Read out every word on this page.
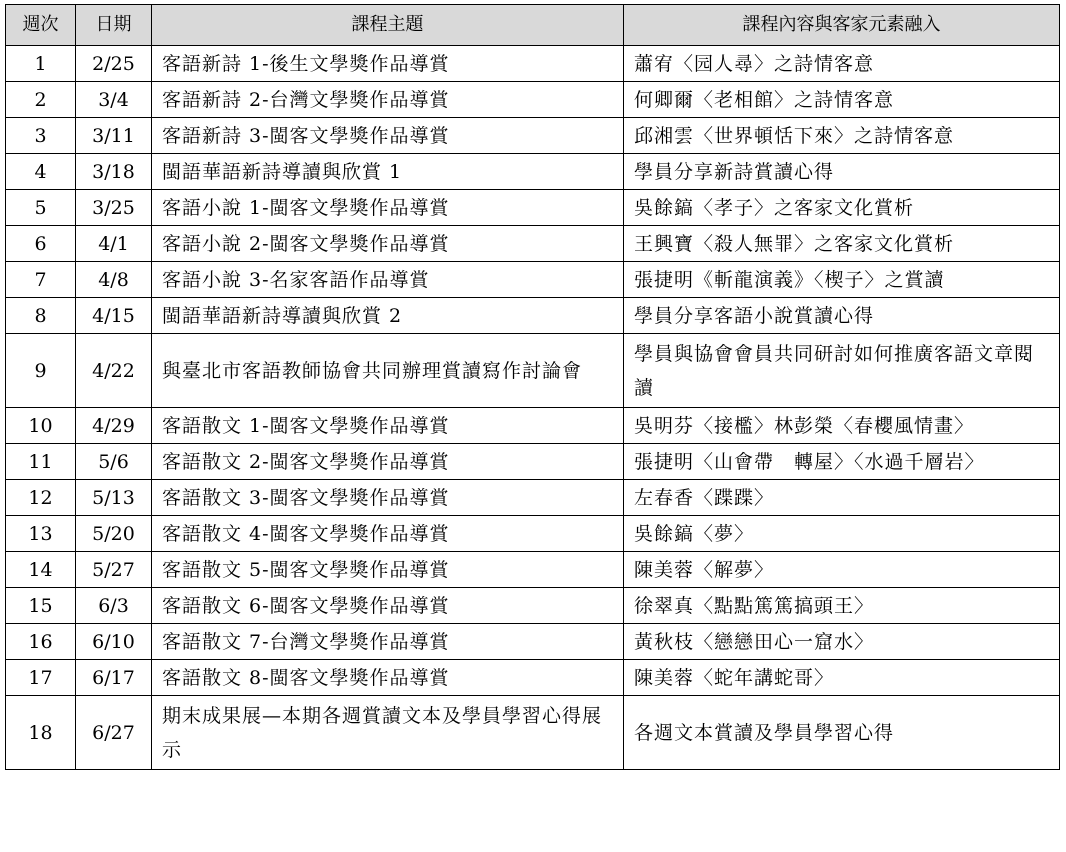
週次	日期	課程主題	課程內容與客家元素融入
1	2/25	客語新詩 1-後生文學獎作品導賞	蕭宥〈园人尋〉之詩情客意
2	3/4	客語新詩 2-台灣文學獎作品導賞	何卿爾〈老相館〉之詩情客意
3	3/11	客語新詩 3-閩客文學獎作品導賞	邱湘雲〈世界頓恬下來〉之詩情客意
4	3/18	閩語華語新詩導讀與欣賞 1	學員分享新詩賞讀心得
5	3/25	客語小說 1-閩客文學獎作品導賞	吳餘鎬〈孝子〉之客家文化賞析
6	4/1	客語小說 2-閩客文學獎作品導賞	王興寶〈殺人無罪〉之客家文化賞析
7	4/8	客語小說 3-名家客語作品導賞	張捷明《斬龍演義》〈楔子〉之賞讀
8	4/15	閩語華語新詩導讀與欣賞 2	學員分享客語小說賞讀心得
9	4/22	與臺北市客語教師協會共同辦理賞讀寫作討論會	學員與協會會員共同研討如何推廣客語文章閱讀
10	4/29	客語散文 1-閩客文學獎作品導賞	吳明芬〈接檻〉林彭榮〈春櫻風情畫〉
11	5/6	客語散文 2-閩客文學獎作品導賞	張捷明〈山會帶　轉屋〉〈水過千層岩〉
12	5/13	客語散文 3-閩客文學獎作品導賞	左春香〈蹀蹀〉
13	5/20	客語散文 4-閩客文學獎作品導賞	吳餘鎬〈夢〉
14	5/27	客語散文 5-閩客文學獎作品導賞	陳美蓉〈解夢〉
15	6/3	客語散文 6-閩客文學獎作品導賞	徐翠真〈點點篤篤搞頭王〉
16	6/10	客語散文 7-台灣文學獎作品導賞	黃秋枝〈戀戀田心一窟水〉
17	6/17	客語散文 8-閩客文學獎作品導賞	陳美蓉〈蛇年講蛇哥〉
18	6/27	期末成果展—本期各週賞讀文本及學員學習心得展示	各週文本賞讀及學員學習心得
